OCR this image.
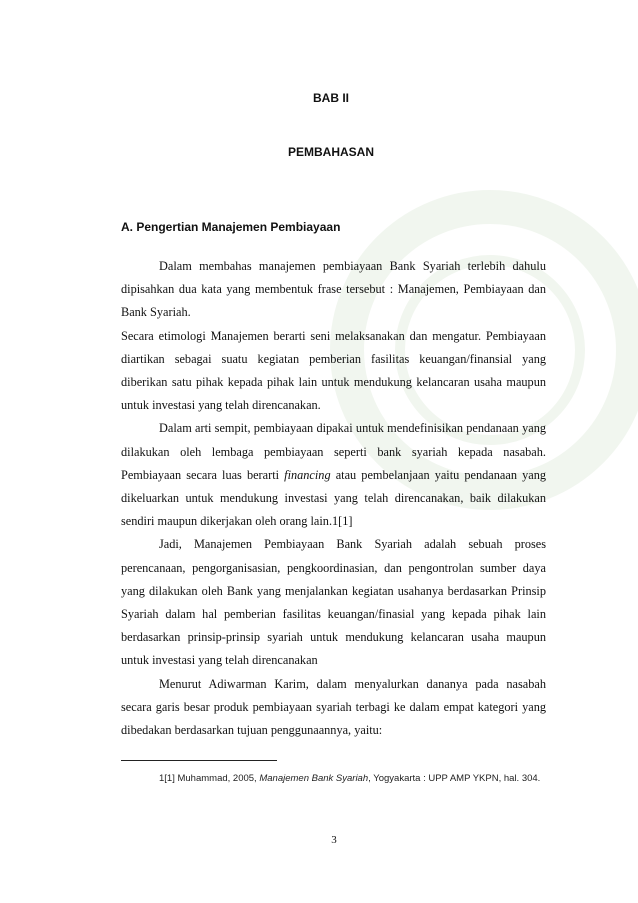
BAB II
PEMBAHASAN
A. Pengertian Manajemen Pembiayaan

Dalam membahas manajemen pembiayaan Bank Syariah terlebih dahulu dipisahkan dua kata yang membentuk frase tersebut : Manajemen, Pembiayaan dan Bank Syariah.

Secara etimologi Manajemen berarti seni melaksanakan dan mengatur. Pembiayaan diartikan sebagai suatu kegiatan pemberian fasilitas keuangan/finansial yang diberikan satu pihak kepada pihak lain untuk mendukung kelancaran usaha maupun untuk investasi yang telah direncanakan.

Dalam arti sempit, pembiayaan dipakai untuk mendefinisikan pendanaan yang dilakukan oleh lembaga pembiayaan seperti bank syariah kepada nasabah. Pembiayaan secara luas berarti financing atau pembelanjaan yaitu pendanaan yang dikeluarkan untuk mendukung investasi yang telah direncanakan, baik dilakukan sendiri maupun dikerjakan oleh orang lain.1[1]

Jadi, Manajemen Pembiayaan Bank Syariah adalah sebuah proses perencanaan, pengorganisasian, pengkoordinasian, dan pengontrolan sumber daya yang dilakukan oleh Bank yang menjalankan kegiatan usahanya berdasarkan Prinsip Syariah dalam hal pemberian fasilitas keuangan/finasial yang kepada pihak lain berdasarkan prinsip-prinsip syariah untuk mendukung kelancaran usaha maupun untuk investasi yang telah direncanakan

Menurut Adiwarman Karim, dalam menyalurkan dananya pada nasabah secara garis besar produk pembiayaan syariah terbagi ke dalam empat kategori yang dibedakan berdasarkan tujuan penggunaannya, yaitu:

1[1] Muhammad, 2005, Manajemen Bank Syariah, Yogyakarta : UPP AMP YKPN, hal. 304.
3
